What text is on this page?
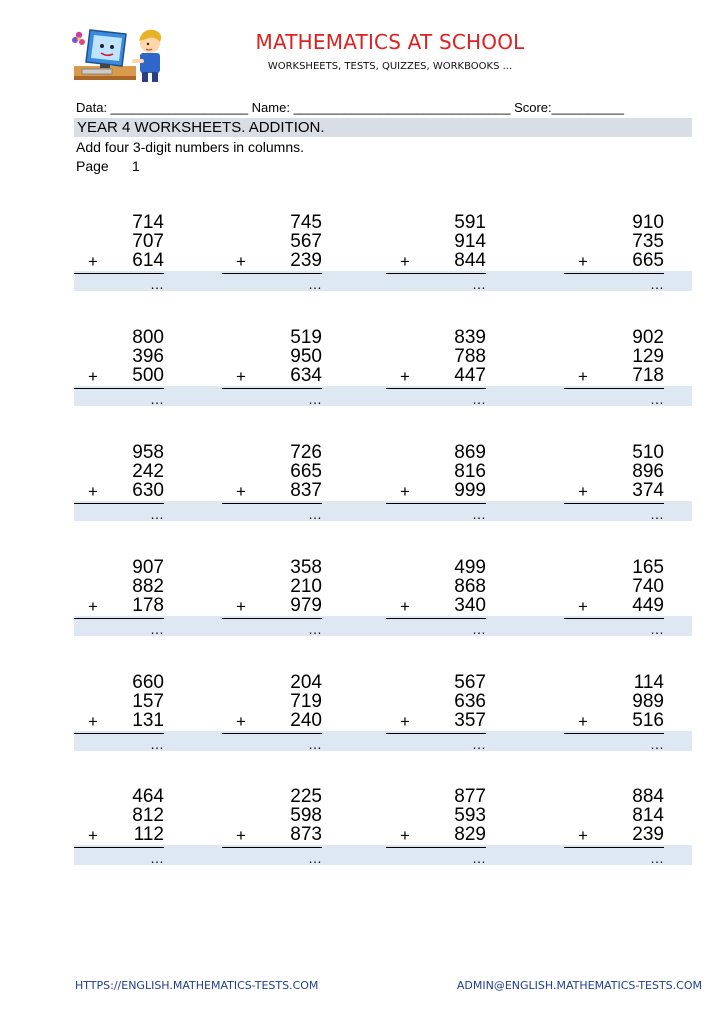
MATHEMATICS AT SCHOOL
WORKSHEETS, TESTS, QUIZZES, WORKBOOKS ...
Data: ___________________ Name: ______________________________ Score:__________
YEAR 4 WORKSHEETS. ADDITION.
Add four 3-digit numbers in columns.
Page 1
714
707
614
+
…
745
567
239
+
…
591
914
844
+
…
910
735
665
+
…
800
396
500
+
…
519
950
634
+
…
839
788
447
+
…
902
129
718
+
…
958
242
630
+
…
726
665
837
+
…
869
816
999
+
…
510
896
374
+
…
907
882
178
+
…
358
210
979
+
…
499
868
340
+
…
165
740
449
+
…
660
157
131
+
…
204
719
240
+
…
567
636
357
+
…
114
989
516
+
…
464
812
112
+
…
225
598
873
+
…
877
593
829
+
…
884
814
239
+
…
HTTPS://ENGLISH.MATHEMATICS-TESTS.COM	ADMIN@ENGLISH.MATHEMATICS-TESTS.COM
